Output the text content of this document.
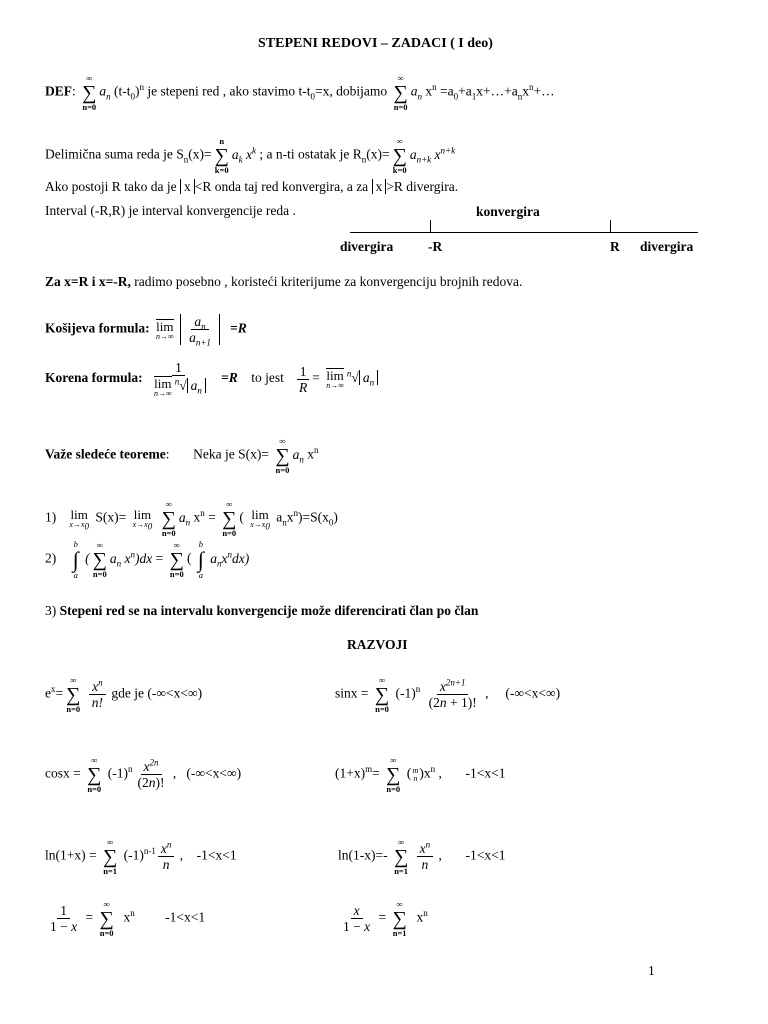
STEPENI REDOVI – ZADACI ( I deo)
DEF:
∞
∑
n=0
$a_n$ $(t-t_0)^n$ je stepeni red , ako stavimo $t-t_0=x$, dobijamo
∞
∑
n=0
$a_n$ $x^n$ $=a_0+a_1x+\dots+a_nx^n+\dots$
Delimična suma reda je $S_n(x)=$
n
∑
k=0
$a_k$ $x^k$ ; a n-ti ostatak je $R_n(x)=$
∞
∑
k=0
$a_{n+k}$ $x^{n+k}$
Ako postoji R tako da je x <R onda taj red konvergira, a za x >R divergira.
Interval (-R,R) je interval konvergencije reda .	konvergira
divergira	-R	R divergira
Za x=R i x=-R, radimo posebno , koristeći kriterijume za konvergenciju brojnih redova.
Košijeva formula: lim
n→∞
$\frac{a_n}{a_{n+1}} =R$
Korena formula: 1
lim
n→∞
$^n$√ $a_n =R$ to jest $\frac{1}{R} = \lim$
n→∞
$^n$√ $a_n$
Važe sledeće teoreme:       Neka je S(x)=
∞
∑
n=0
$a_n$ $x^n$
1) lim
$x\to x_0$
S(x)= lim
$x\to x_0$

∞
∑
n=0
$a_n$ $x^n$ =
∞
∑
n=0
( lim
$x\to x_0$
$a_nx^n)=S(x_0)$
2)
b
∫
a
(
∞
∑
n=0
$a_n$ $x^n)dx$ =
∞
∑
n=0
(
b
∫
a
$a_nx^ndx$)
3) Stepeni red se na intervalu konvergencije može diferencirati član po član
RAZVOJI
$e^x=$
∞
∑
n=0
$\frac{x^n}{n!}$ gde je (-∞<x<∞)	sinx =
∞
∑
n=0
$(-1)^n \frac{x^{2n+1}}{(2n + 1)!}$ ,     (-∞<x<∞)
cosx =
∞
∑
n=0
$(-1)^n \frac{x^{2n}}{(2n)!}$ ,   (-∞<x<∞)	$(1+x)^m=$
∞
∑
n=0
( m
n )$x^n$ ,       -1<x<1
ln(1+x) =
∞
∑
n=1
$(-1)^{n-1} \frac{x^n}{n}$ ,    -1<x<1	ln(1-x)=-
∞
∑
n=1
$\frac{x^n}{n}$ ,       -1<x<1
$\frac{1}{1 - x}$ =
∞
∑
n=0
$x^n$ -1<x<1	$\frac{x}{1 - x}$ =
∞
∑
n=1
$x^n$
1
